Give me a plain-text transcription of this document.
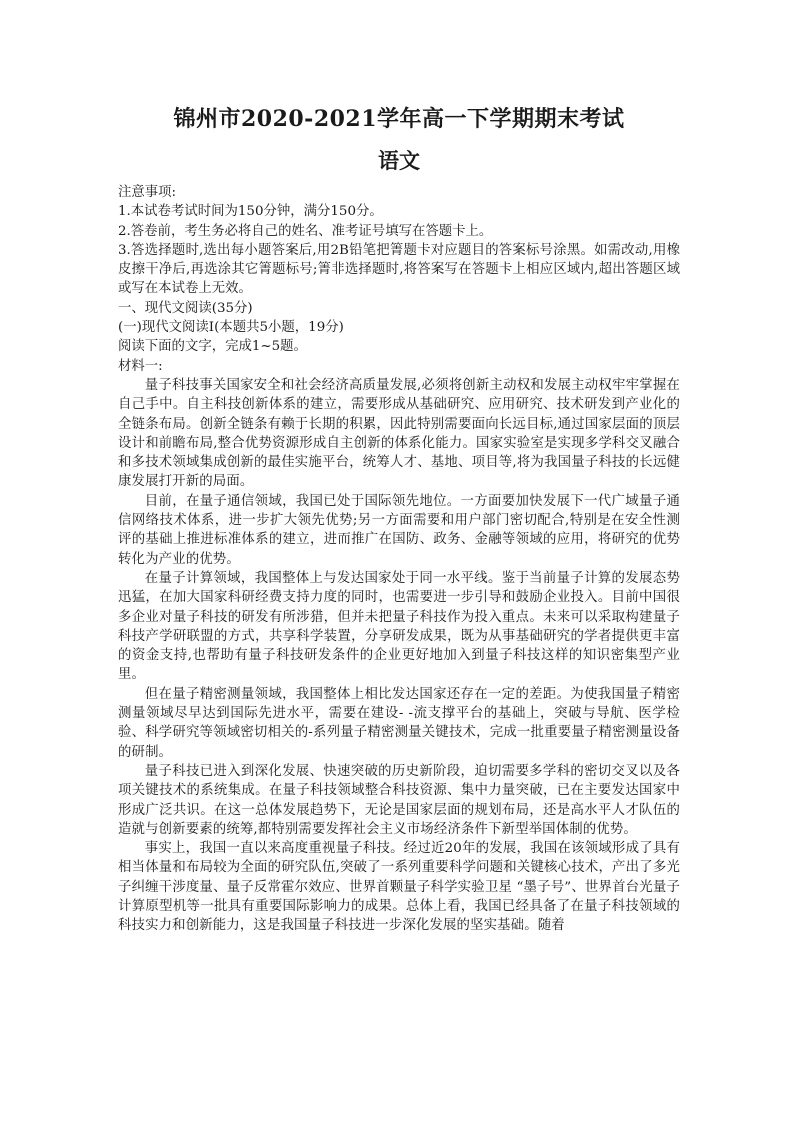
锦州市2020-2021学年高一下学期期末考试
语文

注意事项:

1.本试卷考试时间为150分钟，满分150分。

2.答卷前，考生务必将自己的姓名、准考证号填写在答题卡上。

3.答选择题时,选出每小题答案后,用2B铅笔把箐题卡对应题目的答案标号涂黑。如需改动,用橡皮擦干净后,再选涂其它箐题标号;箐非选择题时,将答案写在答题卡上相应区域内,超出答题区域或写在本试卷上无效。

一、现代文阅读(35分)

(一)现代文阅读I(本题共5小题，19分)

阅读下面的文字，完成1~5题。

材料一:

量子科技事关国家安全和社会经济高质量发展,必须将创新主动权和发展主动权牢牢掌握在自己手中。自主科技创新体系的建立，需要形成从基础研究、应用研究、技术研发到产业化的全链条布局。创新全链条有赖于长期的积累，因此特别需要面向长远目标,通过国家层面的顶层设计和前瞻布局,整合优势资源形成自主创新的体系化能力。国家实验室是实现多学科交叉融合和多技术领域集成创新的最佳实施平台，统筹人才、基地、项目等,将为我国量子科技的长远健康发展打开新的局面。

目前，在量子通信领域，我国已处于国际领先地位。一方面要加快发展下一代广域量子通信网络技术体系，进一步扩大领先优势;另一方面需要和用户部门密切配合,特别是在安全性测评的基础上推进标准体系的建立，进而推广在国防、政务、金融等领域的应用，将研究的优势转化为产业的优势。

在量子计算领域，我国整体上与发达国家处于同一水平线。鉴于当前量子计算的发展态势迅猛，在加大国家科研经费支持力度的同时，也需要进一步引导和鼓励企业投入。目前中国很多企业对量子科技的研发有所涉猎，但并未把量子科技作为投入重点。未来可以采取构建量子科技产学研联盟的方式，共享科学装置，分享研发成果，既为从事基础研究的学者提供更丰富的资金支持,也帮助有量子科技研发条件的企业更好地加入到量子科技这样的知识密集型产业里。

但在量子精密测量领域，我国整体上相比发达国家还存在一定的差距。为使我国量子精密测量领域尽早达到国际先进水平，需要在建设- -流支撑平台的基础上，突破与导航、医学检验、科学研究等领域密切相关的-系列量子精密测量关键技术，完成一批重要量子精密测量设备的研制。

量子科技已进入到深化发展、快速突破的历史新阶段，迫切需要多学科的密切交叉以及各项关键技术的系统集成。在量子科技领域整合科技资源、集中力量突破，已在主要发达国家中形成广泛共识。在这一总体发展趋势下，无论是国家层面的规划布局，还是高水平人才队伍的造就与创新要素的统筹,都特别需要发挥社会主义市场经济条件下新型举国体制的优势。

事实上，我国一直以来高度重视量子科技。经过近20年的发展，我国在该领域形成了具有相当体量和布局较为全面的研究队伍,突破了一系列重要科学问题和关键核心技术，产出了多光子纠缠干涉度量、量子反常霍尔效应、世界首颗量子科学实验卫星 “墨子号”、世界首台光量子计算原型机等一批具有重要国际影响力的成果。总体上看，我国已经具备了在量子科技领域的科技实力和创新能力，这是我国量子科技进一步深化发展的坚实基础。随着
